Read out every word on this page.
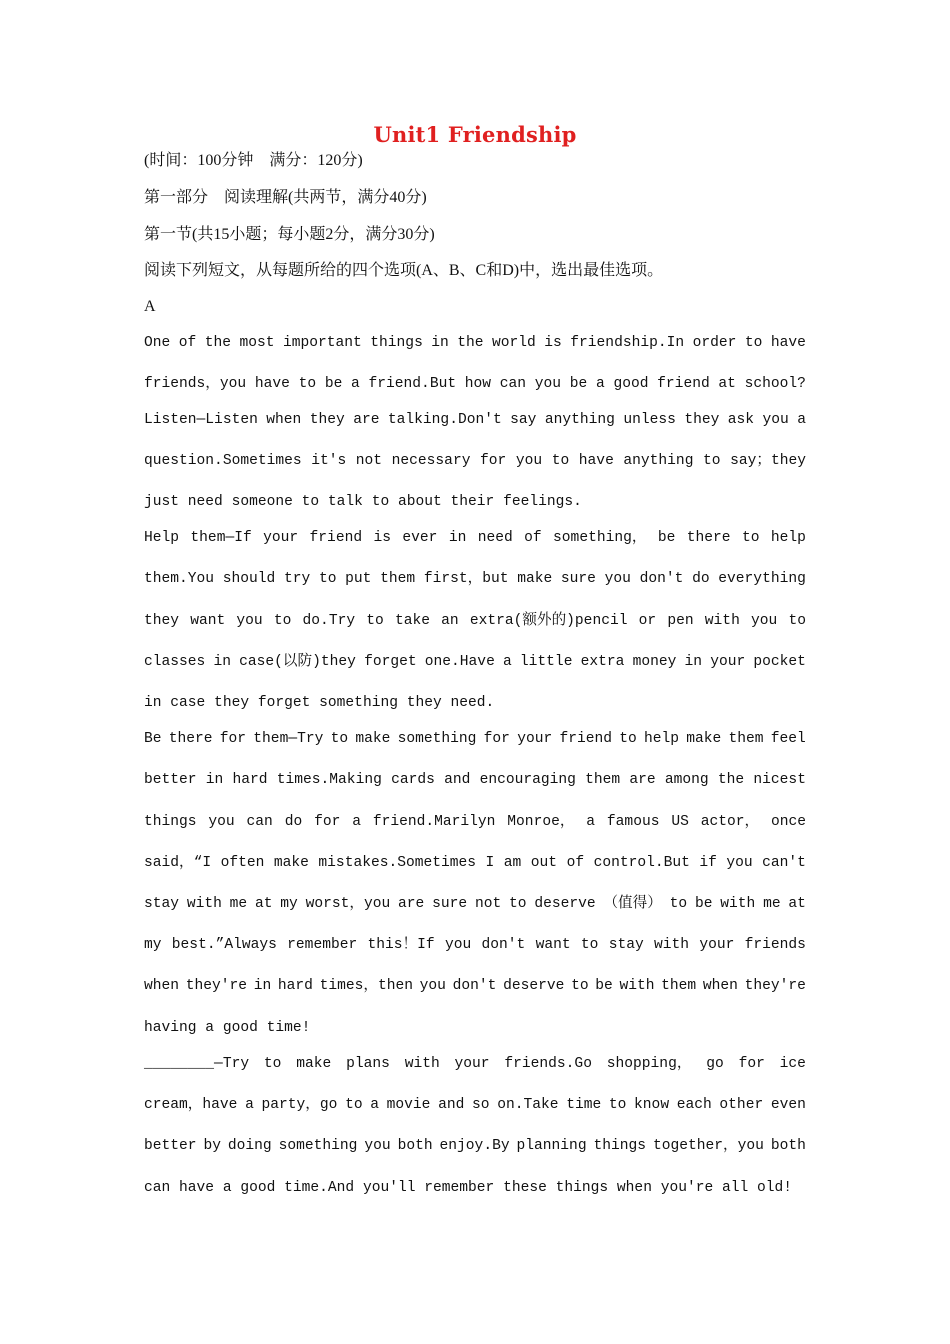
Unit1 Friendship
(时间：100分钟　满分：120分)
第一部分　阅读理解(共两节，满分40分)
第一节(共15小题；每小题2分，满分30分)
阅读下列短文，从每题所给的四个选项(A、B、C和D)中，选出最佳选项。
A
One of the most important things in the world is friendship.In order to have
friends，you have to be a friend.But how can you be a good friend at school?
Listen—Listen when they are talking.Don't say anything unless they ask you a
question.Sometimes it's not necessary for you to have anything to say；they
just need someone to talk to about their feelings.
Help them—If your friend is ever in need of something， be there to help
them.You should try to put them first，but make sure you don't do everything
they want you to do.Try to take an extra(额外的)pencil or pen with you to
classes in case(以防)they forget one.Have a little extra money in your pocket
in case they forget something they need.
Be there for them—Try to make something for your friend to help make them feel
better in hard times.Making cards and encouraging them are among the nicest
things you can do for a friend.Marilyn Monroe， a famous US actor， once
said，“I often make mistakes.Sometimes I am out of control.But if you can't
stay with me at my worst，you are sure not to deserve （值得） to be with me at
my best.”Always remember this！If you don't want to stay with your friends
when they're in hard times，then you don't deserve to be with them when they're
having a good time!
________—Try to make plans with your friends.Go shopping， go for ice
cream，have a party，go to a movie and so on.Take time to know each other even
better by doing something you both enjoy.By planning things together，you both
can have a good time.And you'll remember these things when you're all old!
